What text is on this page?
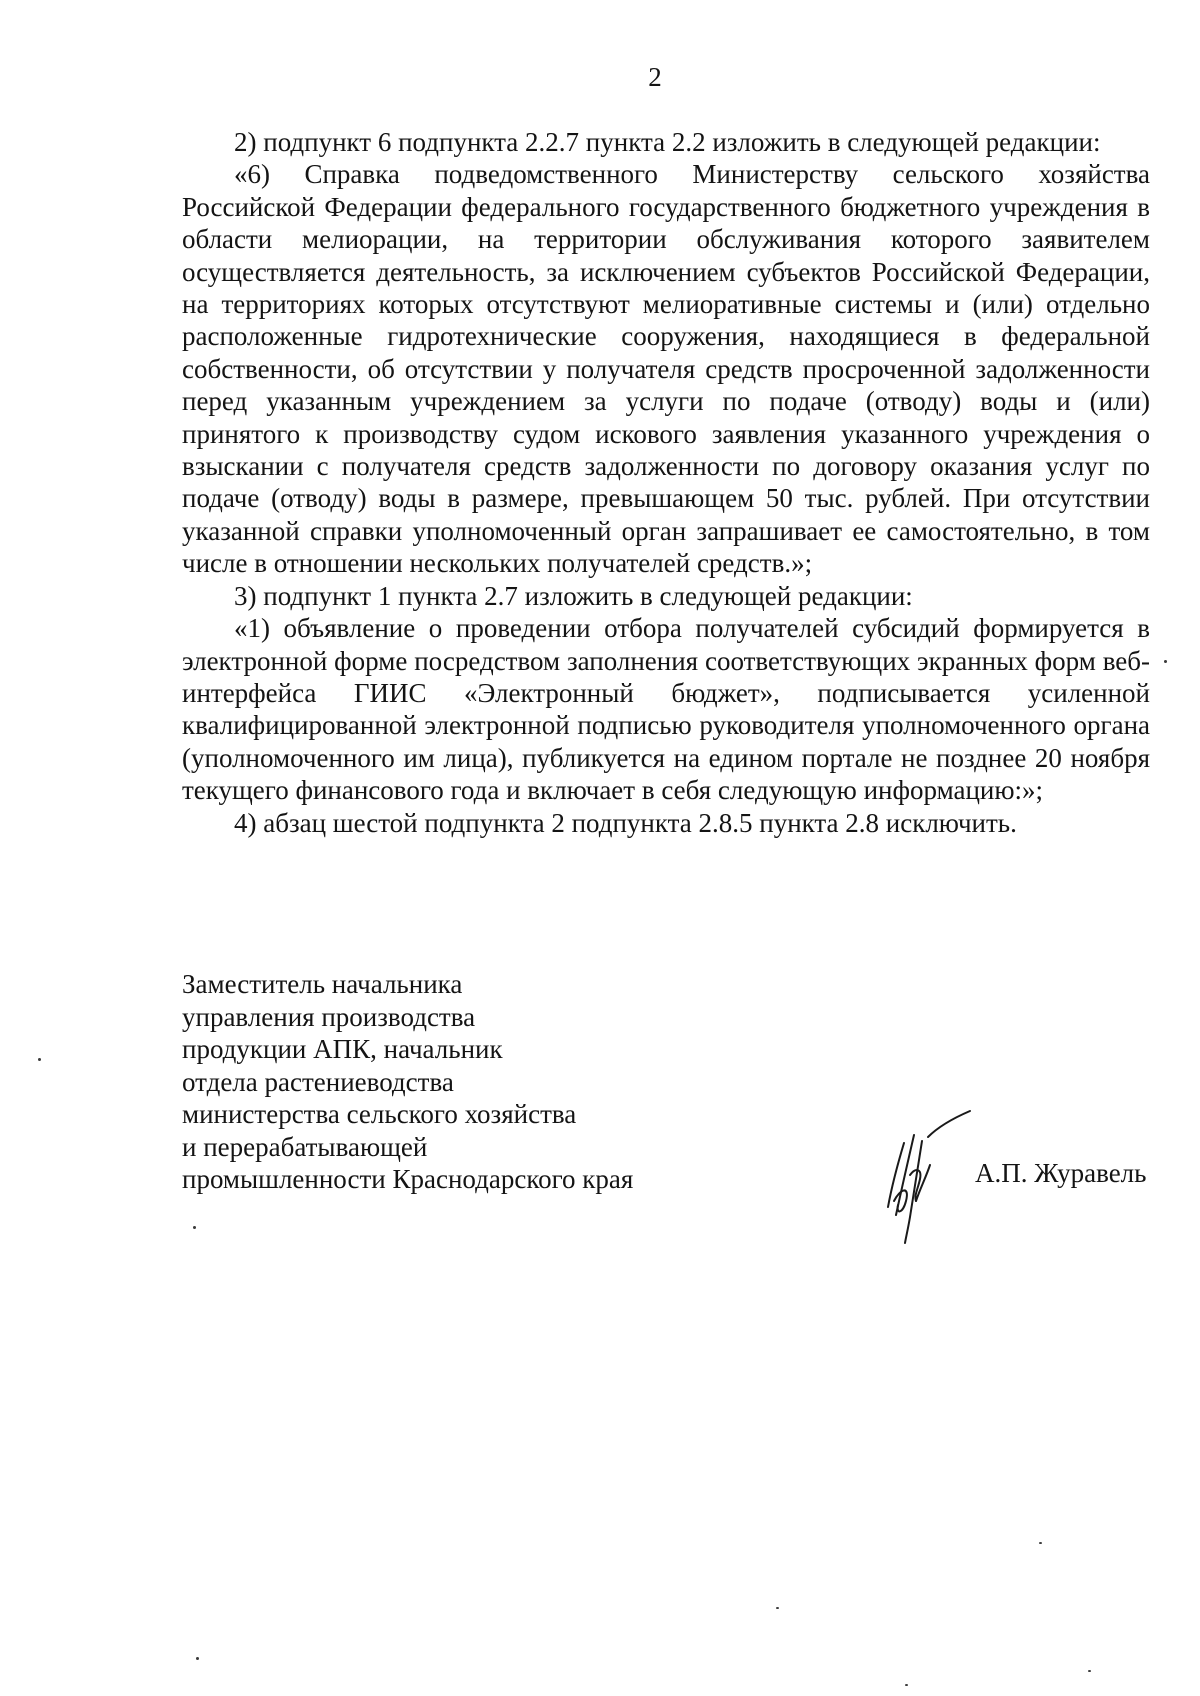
2

2) подпункт 6 подпункта 2.2.7 пункта 2.2 изложить в следующей редакции:

«6) Справка подведомственного Министерству сельского хозяйства Российской Федерации федерального государственного бюджетного учреждения в области мелиорации, на территории обслуживания которого заявителем осуществляется деятельность, за исключением субъектов Российской Федерации, на территориях которых отсутствуют мелиоративные системы и (или) отдельно расположенные гидротехнические сооружения, находящиеся в федеральной собственности, об отсутствии у получателя средств просроченной задолженности перед указанным учреждением за услуги по подаче (отводу) воды и (или) принятого к производству судом искового заявления указанного учреждения о взыскании с получателя средств задолженности по договору оказания услуг по подаче (отводу) воды в размере, превышающем 50 тыс. рублей. При отсутствии указанной справки уполномоченный орган запрашивает ее самостоятельно, в том числе в отношении нескольких получателей средств.»;

3) подпункт 1 пункта 2.7 изложить в следующей редакции:

«1) объявление о проведении отбора получателей субсидий формируется в электронной форме посредством заполнения соответствующих экранных форм веб-интерфейса ГИИС «Электронный бюджет», подписывается усиленной квалифицированной электронной подписью руководителя уполномоченного органа (уполномоченного им лица), публикуется на едином портале не позднее 20 ноября текущего финансового года и включает в себя следующую информацию:»;

4) абзац шестой подпункта 2 подпункта 2.8.5 пункта 2.8 исключить.

Заместитель начальника
управления производства
продукции АПК, начальник
отдела растениеводства
министерства сельского хозяйства
и перерабатывающей
промышленности Краснодарского края	А.П. Журавель
